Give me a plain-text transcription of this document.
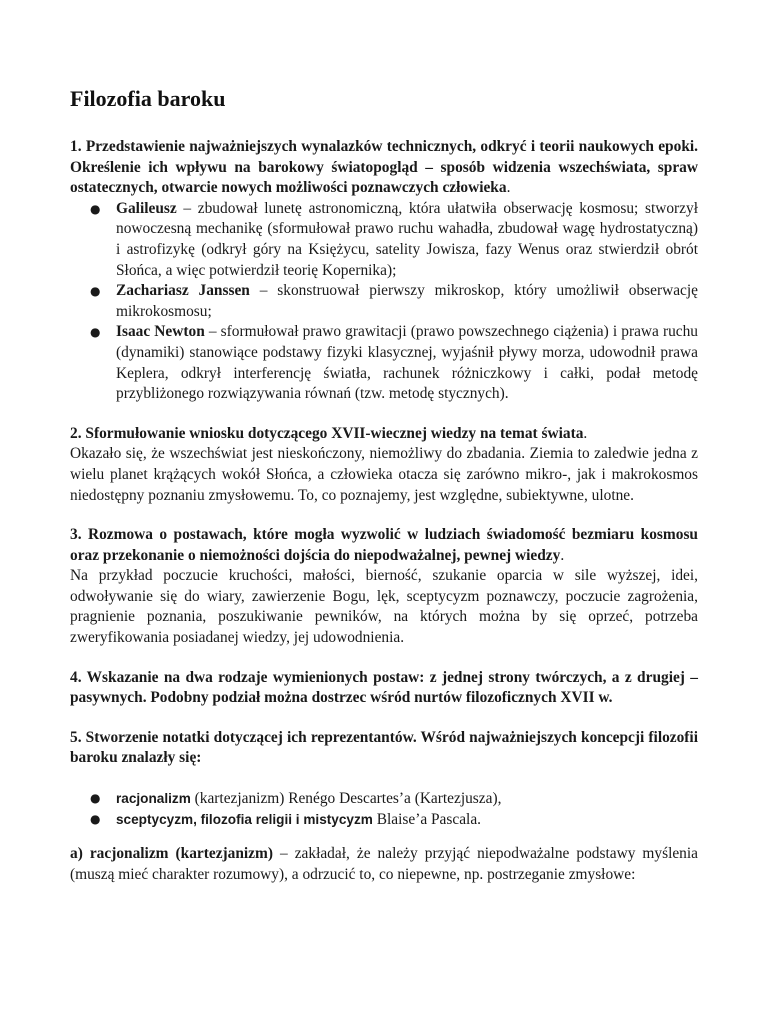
Filozofia baroku

1. Przedstawienie najważniejszych wynalazków technicznych, odkryć i teorii naukowych epoki. Określenie ich wpływu na barokowy światopogląd – sposób widzenia wszechświata, spraw ostatecznych, otwarcie nowych możliwości poznawczych człowieka.

● Galileusz – zbudował lunetę astronomiczną, która ułatwiła obserwację kosmosu; stworzył nowoczesną mechanikę (sformułował prawo ruchu wahadła, zbudował wagę hydrostatyczną) i astrofizykę (odkrył góry na Księżycu, satelity Jowisza, fazy Wenus oraz stwierdził obrót Słońca, a więc potwierdził teorię Kopernika);
● Zachariasz Janssen – skonstruował pierwszy mikroskop, który umożliwił obserwację mikrokosmosu;
● Isaac Newton – sformułował prawo grawitacji (prawo powszechnego ciążenia) i prawa ruchu (dynamiki) stanowiące podstawy fizyki klasycznej, wyjaśnił pływy morza, udowodnił prawa Keplera, odkrył interferencję światła, rachunek różniczkowy i całki, podał metodę przybliżonego rozwiązywania równań (tzw. metodę stycznych).

2. Sformułowanie wniosku dotyczącego XVII-wiecznej wiedzy na temat świata.

Okazało się, że wszechświat jest nieskończony, niemożliwy do zbadania. Ziemia to zaledwie jedna z wielu planet krążących wokół Słońca, a człowieka otacza się zarówno mikro-, jak i makrokosmos niedostępny poznaniu zmysłowemu. To, co poznajemy, jest względne, subiektywne, ulotne.

3. Rozmowa o postawach, które mogła wyzwolić w ludziach świadomość bezmiaru kosmosu oraz przekonanie o niemożności dojścia do niepodważalnej, pewnej wiedzy.

Na przykład poczucie kruchości, małości, bierność, szukanie oparcia w sile wyższej, idei, odwoływanie się do wiary, zawierzenie Bogu, lęk, sceptycyzm poznawczy, poczucie zagrożenia, pragnienie poznania, poszukiwanie pewników, na których można by się oprzeć, potrzeba zweryfikowania posiadanej wiedzy, jej udowodnienia.

4. Wskazanie na dwa rodzaje wymienionych postaw: z jednej strony twórczych, a z drugiej – pasywnych. Podobny podział można dostrzec wśród nurtów filozoficznych XVII w.

5. Stworzenie notatki dotyczącej ich reprezentantów. Wśród najważniejszych koncepcji filozofii baroku znalazły się:

● racjonalizm (kartezjanizm) Renégo Descartes’a (Kartezjusza),
● sceptycyzm, filozofia religii i mistycyzm Blaise’a Pascala.

a) racjonalizm (kartezjanizm) – zakładał, że należy przyjąć niepodważalne podstawy myślenia (muszą mieć charakter rozumowy), a odrzucić to, co niepewne, np. postrzeganie zmysłowe:
